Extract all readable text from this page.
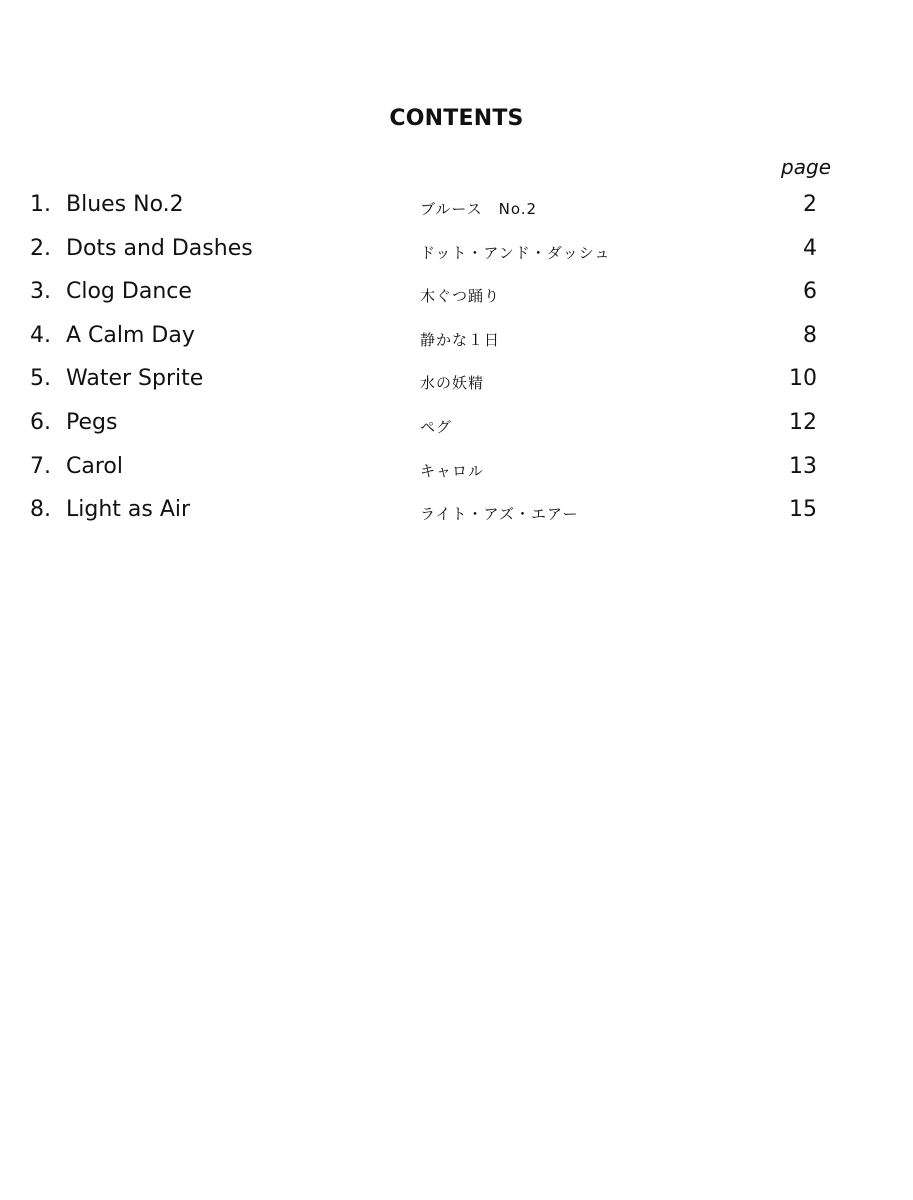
CONTENTS
page
1. Blues No.2	ブルース　No.2	2
2. Dots and Dashes	ドット・アンド・ダッシュ	4
3. Clog Dance	木ぐつ踊り	6
4. A Calm Day	静かな１日	8
5. Water Sprite	水の妖精	10
6. Pegs	ペグ	12
7. Carol	キャロル	13
8. Light as Air	ライト・アズ・エアー	15
